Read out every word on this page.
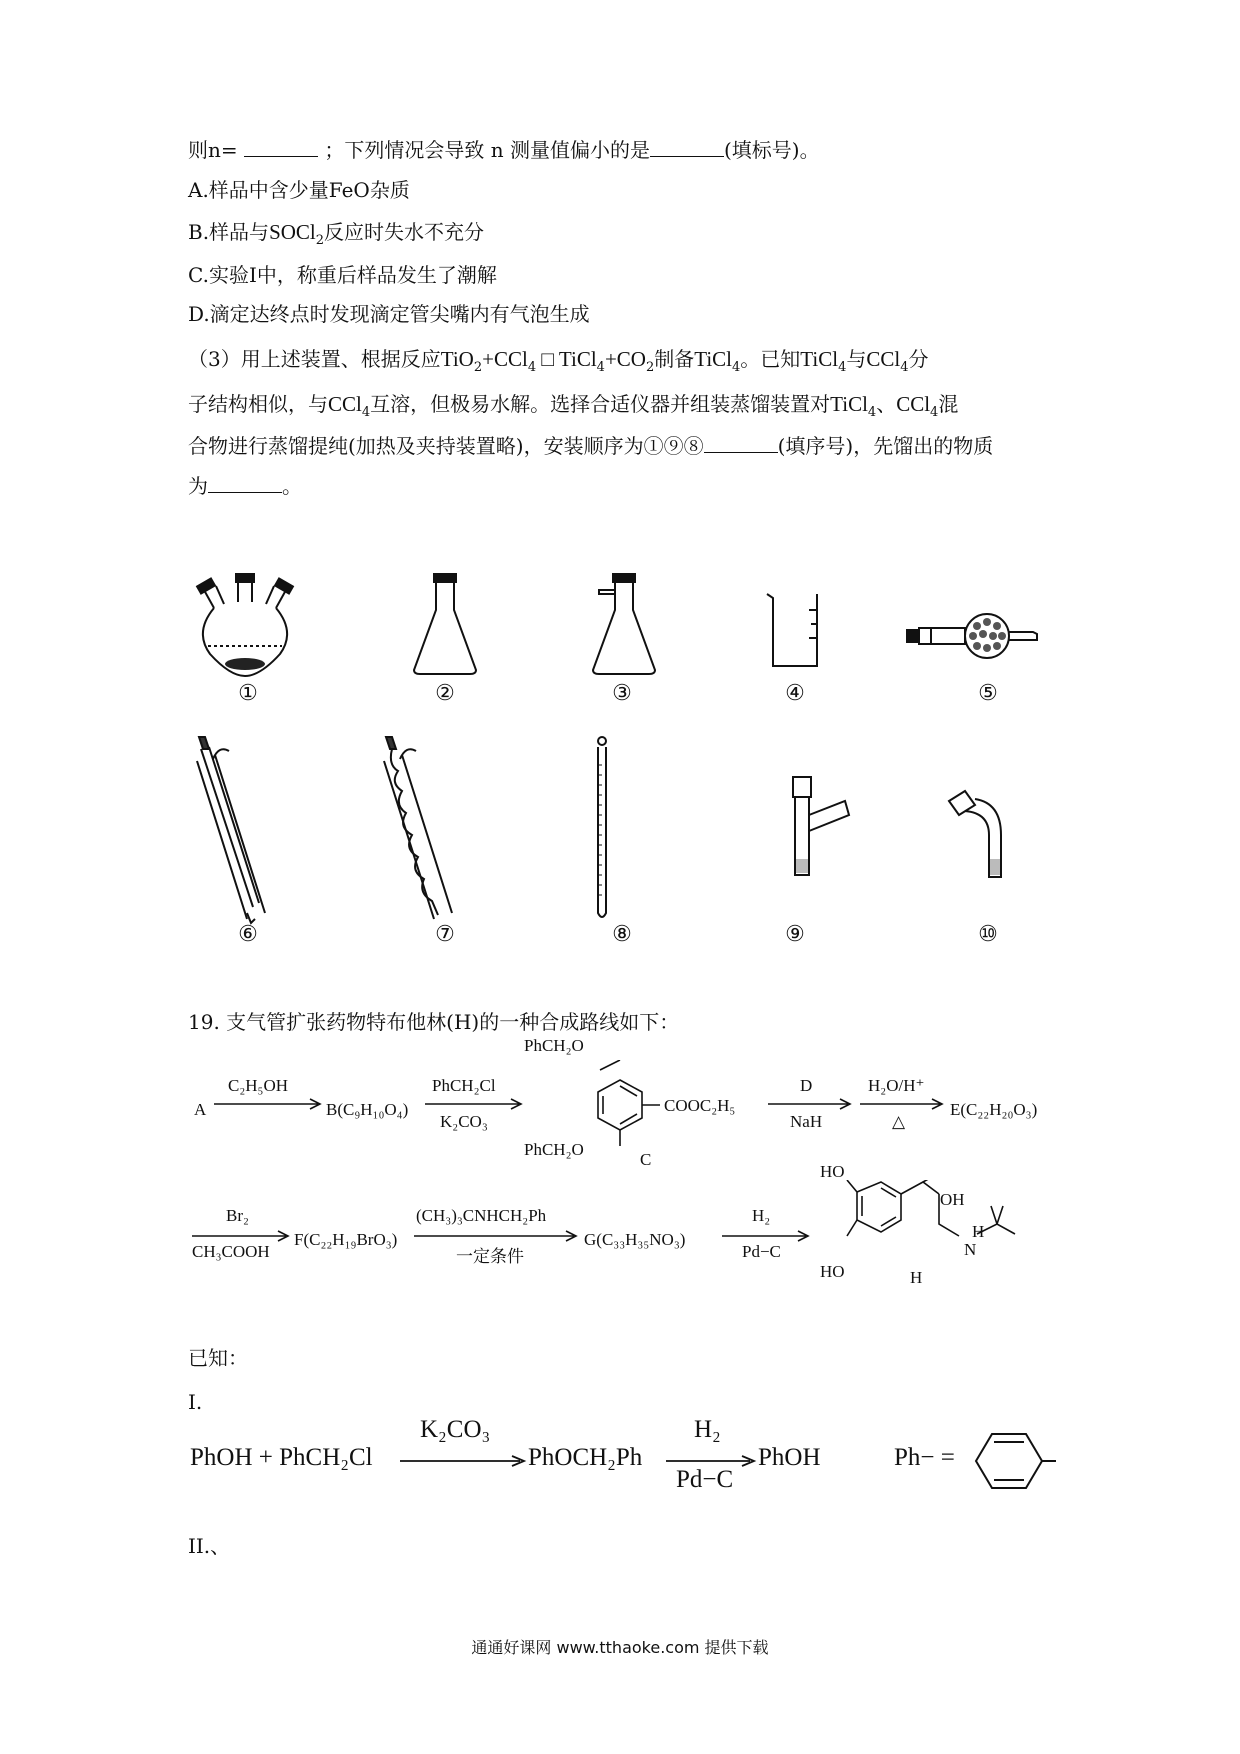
则n=	；下列情况会导致 n 测量值偏小的是	(填标号)。
A.样品中含少量FeO杂质
B.样品与SOCl$_2$反应时失水不充分
C.实验I中，称重后样品发生了潮解
D.滴定达终点时发现滴定管尖嘴内有气泡生成
（3）用上述装置、根据反应TiO$_2$+CCl$_4$ □ $TiCl_4+CO_2$制备TiCl$_4$。已知TiCl$_4$与CCl$_4$分
子结构相似，与CCl$_4$互溶，但极易水解。选择合适仪器并组装蒸馏装置对TiCl$_4$、CCl$_4$混
合物进行蒸馏提纯(加热及夹持装置略)，安装顺序为①⑨⑧	(填序号)，先馏出的物质
为	。
①	②	③	④	⑤
⑥	⑦	⑧	⑨	⑩
19. 支气管扩张药物特布他林(H)的一种合成路线如下：
A
C₂H₅OH
B(C₉H₁₀O₄)
PhCH₂Cl
K₂CO₃
PhCH₂O
COOC₂H₅
PhCH₂O
C
D
NaH
H₂O/H⁺
△
E(C₂₂H₂₀O₃)
Br₂
CH₃COOH
F(C₂₂H₁₉BrO₃)
(CH₃)₃CNHCH₂Ph
一定条件
G(C₃₃H₃₅NO₃)
H₂
Pd−C
HO
OH
H
N
HO	H
已知：
I.
PhOH + PhCH₂Cl
K₂CO₃
PhOCH₂Ph
H₂
Pd−C
PhOH	Ph− =
II.、
通通好课网 www.tthaoke.com 提供下载
